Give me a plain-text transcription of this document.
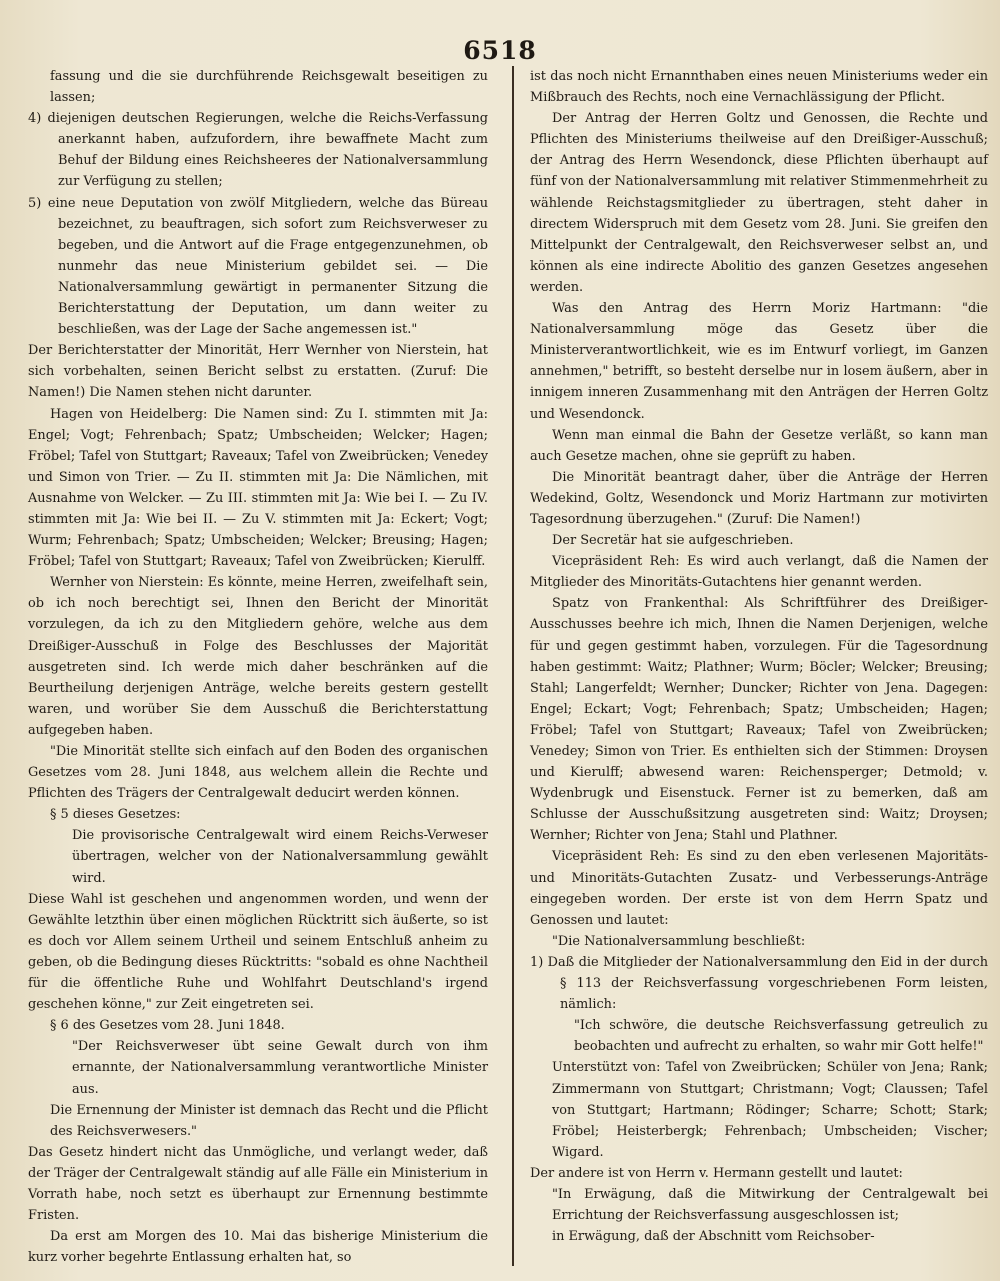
6518

fassung und die sie durchführende Reichsgewalt beseitigen zu lassen;

4) diejenigen deutschen Regierungen, welche die Reichs-Verfassung anerkannt haben, aufzufordern, ihre bewaffnete Macht zum Behuf der Bildung eines Reichsheeres der Nationalversammlung zur Verfügung zu stellen;

5) eine neue Deputation von zwölf Mitgliedern, welche das Büreau bezeichnet, zu beauftragen, sich sofort zum Reichsverweser zu begeben, und die Antwort auf die Frage entgegenzunehmen, ob nunmehr das neue Ministerium gebildet sei. — Die Nationalversammlung gewärtigt in permanenter Sitzung die Berichterstattung der Deputation, um dann weiter zu beschließen, was der Lage der Sache angemessen ist."

Der Berichterstatter der Minorität, Herr Wernher von Nierstein, hat sich vorbehalten, seinen Bericht selbst zu erstatten. (Zuruf: Die Namen!) Die Namen stehen nicht darunter.

Hagen von Heidelberg: Die Namen sind: Zu I. stimmten mit Ja: Engel; Vogt; Fehrenbach; Spatz; Umbscheiden; Welcker; Hagen; Fröbel; Tafel von Stuttgart; Raveaux; Tafel von Zweibrücken; Venedey und Simon von Trier. — Zu II. stimmten mit Ja: Die Nämlichen, mit Ausnahme von Welcker. — Zu III. stimmten mit Ja: Wie bei I. — Zu IV. stimmten mit Ja: Wie bei II. — Zu V. stimmten mit Ja: Eckert; Vogt; Wurm; Fehrenbach; Spatz; Umbscheiden; Welcker; Breusing; Hagen; Fröbel; Tafel von Stuttgart; Raveaux; Tafel von Zweibrücken; Kierulff.

Wernher von Nierstein: Es könnte, meine Herren, zweifelhaft sein, ob ich noch berechtigt sei, Ihnen den Bericht der Minorität vorzulegen, da ich zu den Mitgliedern gehöre, welche aus dem Dreißiger-Ausschuß in Folge des Beschlusses der Majorität ausgetreten sind. Ich werde mich daher beschränken auf die Beurtheilung derjenigen Anträge, welche bereits gestern gestellt waren, und worüber Sie dem Ausschuß die Berichterstattung aufgegeben haben.

"Die Minorität stellte sich einfach auf den Boden des organischen Gesetzes vom 28. Juni 1848, aus welchem allein die Rechte und Pflichten des Trägers der Centralgewalt deducirt werden können.

§ 5 dieses Gesetzes:

Die provisorische Centralgewalt wird einem Reichs-Verweser übertragen, welcher von der Nationalversammlung gewählt wird.

Diese Wahl ist geschehen und angenommen worden, und wenn der Gewählte letzthin über einen möglichen Rücktritt sich äußerte, so ist es doch vor Allem seinem Urtheil und seinem Entschluß anheim zu geben, ob die Bedingung dieses Rücktritts: "sobald es ohne Nachtheil für die öffentliche Ruhe und Wohlfahrt Deutschland's irgend geschehen könne," zur Zeit eingetreten sei.

§ 6 des Gesetzes vom 28. Juni 1848.

"Der Reichsverweser übt seine Gewalt durch von ihm ernannte, der Nationalversammlung verantwortliche Minister aus.

Die Ernennung der Minister ist demnach das Recht und die Pflicht des Reichsverwesers."

Das Gesetz hindert nicht das Unmögliche, und verlangt weder, daß der Träger der Centralgewalt ständig auf alle Fälle ein Ministerium in Vorrath habe, noch setzt es überhaupt zur Ernennung bestimmte Fristen.

Da erst am Morgen des 10. Mai das bisherige Ministerium die kurz vorher begehrte Entlassung erhalten hat, so

ist das noch nicht Ernannthaben eines neuen Ministeriums weder ein Mißbrauch des Rechts, noch eine Vernachlässigung der Pflicht.

Der Antrag der Herren Goltz und Genossen, die Rechte und Pflichten des Ministeriums theilweise auf den Dreißiger-Ausschuß; der Antrag des Herrn Wesendonck, diese Pflichten überhaupt auf fünf von der Nationalversammlung mit relativer Stimmenmehrheit zu wählende Reichstagsmitglieder zu übertragen, steht daher in directem Widerspruch mit dem Gesetz vom 28. Juni. Sie greifen den Mittelpunkt der Centralgewalt, den Reichsverweser selbst an, und können als eine indirecte Abolitio des ganzen Gesetzes angesehen werden.

Was den Antrag des Herrn Moriz Hartmann: "die Nationalversammlung möge das Gesetz über die Ministerverantwortlichkeit, wie es im Entwurf vorliegt, im Ganzen annehmen," betrifft, so besteht derselbe nur in losem äußern, aber in innigem inneren Zusammenhang mit den Anträgen der Herren Goltz und Wesendonck.

Wenn man einmal die Bahn der Gesetze verläßt, so kann man auch Gesetze machen, ohne sie geprüft zu haben.

Die Minorität beantragt daher, über die Anträge der Herren Wedekind, Goltz, Wesendonck und Moriz Hartmann zur motivirten Tagesordnung überzugehen." (Zuruf: Die Namen!)

Der Secretär hat sie aufgeschrieben.

Vicepräsident Reh: Es wird auch verlangt, daß die Namen der Mitglieder des Minoritäts-Gutachtens hier genannt werden.

Spatz von Frankenthal: Als Schriftführer des Dreißiger-Ausschusses beehre ich mich, Ihnen die Namen Derjenigen, welche für und gegen gestimmt haben, vorzulegen. Für die Tagesordnung haben gestimmt: Waitz; Plathner; Wurm; Böcler; Welcker; Breusing; Stahl; Langerfeldt; Wernher; Duncker; Richter von Jena. Dagegen: Engel; Eckart; Vogt; Fehrenbach; Spatz; Umbscheiden; Hagen; Fröbel; Tafel von Stuttgart; Raveaux; Tafel von Zweibrücken; Venedey; Simon von Trier. Es enthielten sich der Stimmen: Droysen und Kierulff; abwesend waren: Reichensperger; Detmold; v. Wydenbrugk und Eisenstuck. Ferner ist zu bemerken, daß am Schlusse der Ausschußsitzung ausgetreten sind: Waitz; Droysen; Wernher; Richter von Jena; Stahl und Plathner.

Vicepräsident Reh: Es sind zu den eben verlesenen Majoritäts- und Minoritäts-Gutachten Zusatz- und Verbesserungs-Anträge eingegeben worden. Der erste ist von dem Herrn Spatz und Genossen und lautet:

"Die Nationalversammlung beschließt:

1) Daß die Mitglieder der Nationalversammlung den Eid in der durch § 113 der Reichsverfassung vorgeschriebenen Form leisten, nämlich:

"Ich schwöre, die deutsche Reichsverfassung getreulich zu beobachten und aufrecht zu erhalten, so wahr mir Gott helfe!"

Unterstützt von: Tafel von Zweibrücken; Schüler von Jena; Rank; Zimmermann von Stuttgart; Christmann; Vogt; Claussen; Tafel von Stuttgart; Hartmann; Rödinger; Scharre; Schott; Stark; Fröbel; Heisterbergk; Fehrenbach; Umbscheiden; Vischer; Wigard.

Der andere ist von Herrn v. Hermann gestellt und lautet:

"In Erwägung, daß die Mitwirkung der Centralgewalt bei Errichtung der Reichsverfassung ausgeschlossen ist;

in Erwägung, daß der Abschnitt vom Reichsober-
